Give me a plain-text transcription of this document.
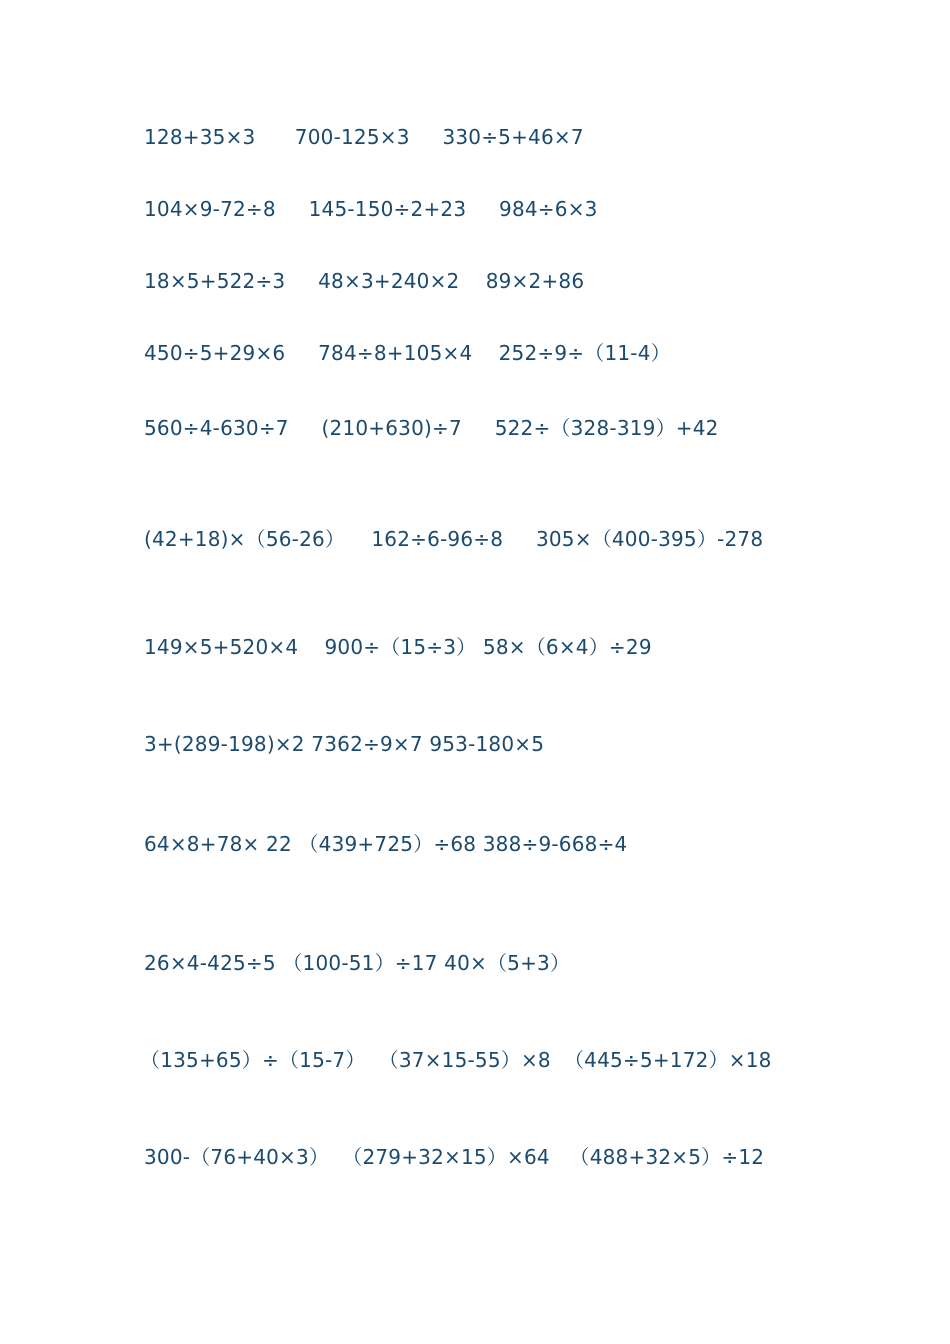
128+35×3      700-125×3     330÷5+46×7
104×9-72÷8     145-150÷2+23     984÷6×3
18×5+522÷3     48×3+240×2    89×2+86
450÷5+29×6     784÷8+105×4    252÷9÷（11-4）
560÷4-630÷7     (210+630)÷7     522÷（328-319）+42
(42+18)×（56-26）    162÷6-96÷8     305×（400-395）-278
149×5+520×4    900÷（15÷3） 58×（6×4）÷29
3+(289-198)×2 7362÷9×7 953-180×5
64×8+78× 22 （439+725）÷68 388÷9-668÷4
26×4-425÷5 （100-51）÷17 40×（5+3）
（135+65）÷（15-7）  （37×15-55）×8  （445÷5+172）×18
300-（76+40×3）  （279+32×15）×64   （488+32×5）÷12
